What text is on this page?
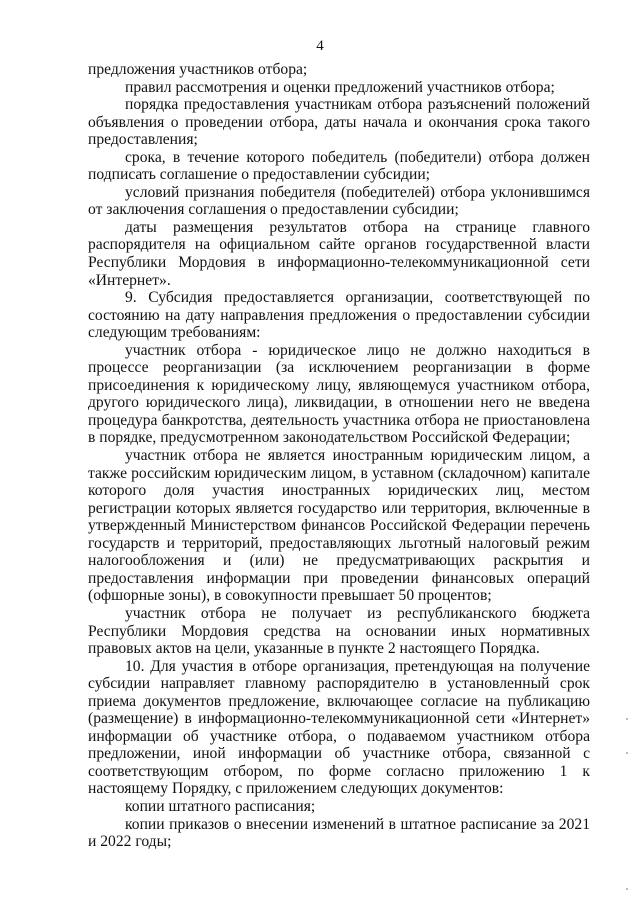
4

предложения участников отбора;

правил рассмотрения и оценки предложений участников отбора;

порядка предоставления участникам отбора разъяснений положений объявления о проведении отбора, даты начала и окончания срока такого предоставления;

срока, в течение которого победитель (победители) отбора должен подписать соглашение о предоставлении субсидии;

условий признания победителя (победителей) отбора уклонившимся от заключения соглашения о предоставлении субсидии;

даты размещения результатов отбора на странице главного распорядителя на официальном сайте органов государственной власти Республики Мордовия в информационно-телекоммуникационной сети «Интернет».

9. Субсидия предоставляется организации, соответствующей по состоянию на дату направления предложения о предоставлении субсидии следующим требованиям:

участник отбора - юридическое лицо не должно находиться в процессе реорганизации (за исключением реорганизации в форме присоединения к юридическому лицу, являющемуся участником отбора, другого юридического лица), ликвидации, в отношении него не введена процедура банкротства, деятельность участника отбора не приостановлена в порядке, предусмотренном законодательством Российской Федерации;

участник отбора не является иностранным юридическим лицом, а также российским юридическим лицом, в уставном (складочном) капитале которого доля участия иностранных юридических лиц, местом регистрации которых является государство или территория, включенные в утвержденный Министерством финансов Российской Федерации перечень государств и территорий, предоставляющих льготный налоговый режим налогообложения и (или) не предусматривающих раскрытия и предоставления информации при проведении финансовых операций (офшорные зоны), в совокупности превышает 50 процентов;

участник отбора не получает из республиканского бюджета Республики Мордовия средства на основании иных нормативных правовых актов на цели, указанные в пункте 2 настоящего Порядка.

10. Для участия в отборе организация, претендующая на получение субсидии направляет главному распорядителю в установленный срок приема документов предложение, включающее согласие на публикацию (размещение) в информационно-телекоммуникационной сети «Интернет» информации об участнике отбора, о подаваемом участником отбора предложении, иной информации об участнике отбора, связанной с соответствующим отбором, по форме согласно приложению 1 к настоящему Порядку, с приложением следующих документов:

копии штатного расписания;

копии приказов о внесении изменений в штатное расписание за 2021 и 2022 годы;
